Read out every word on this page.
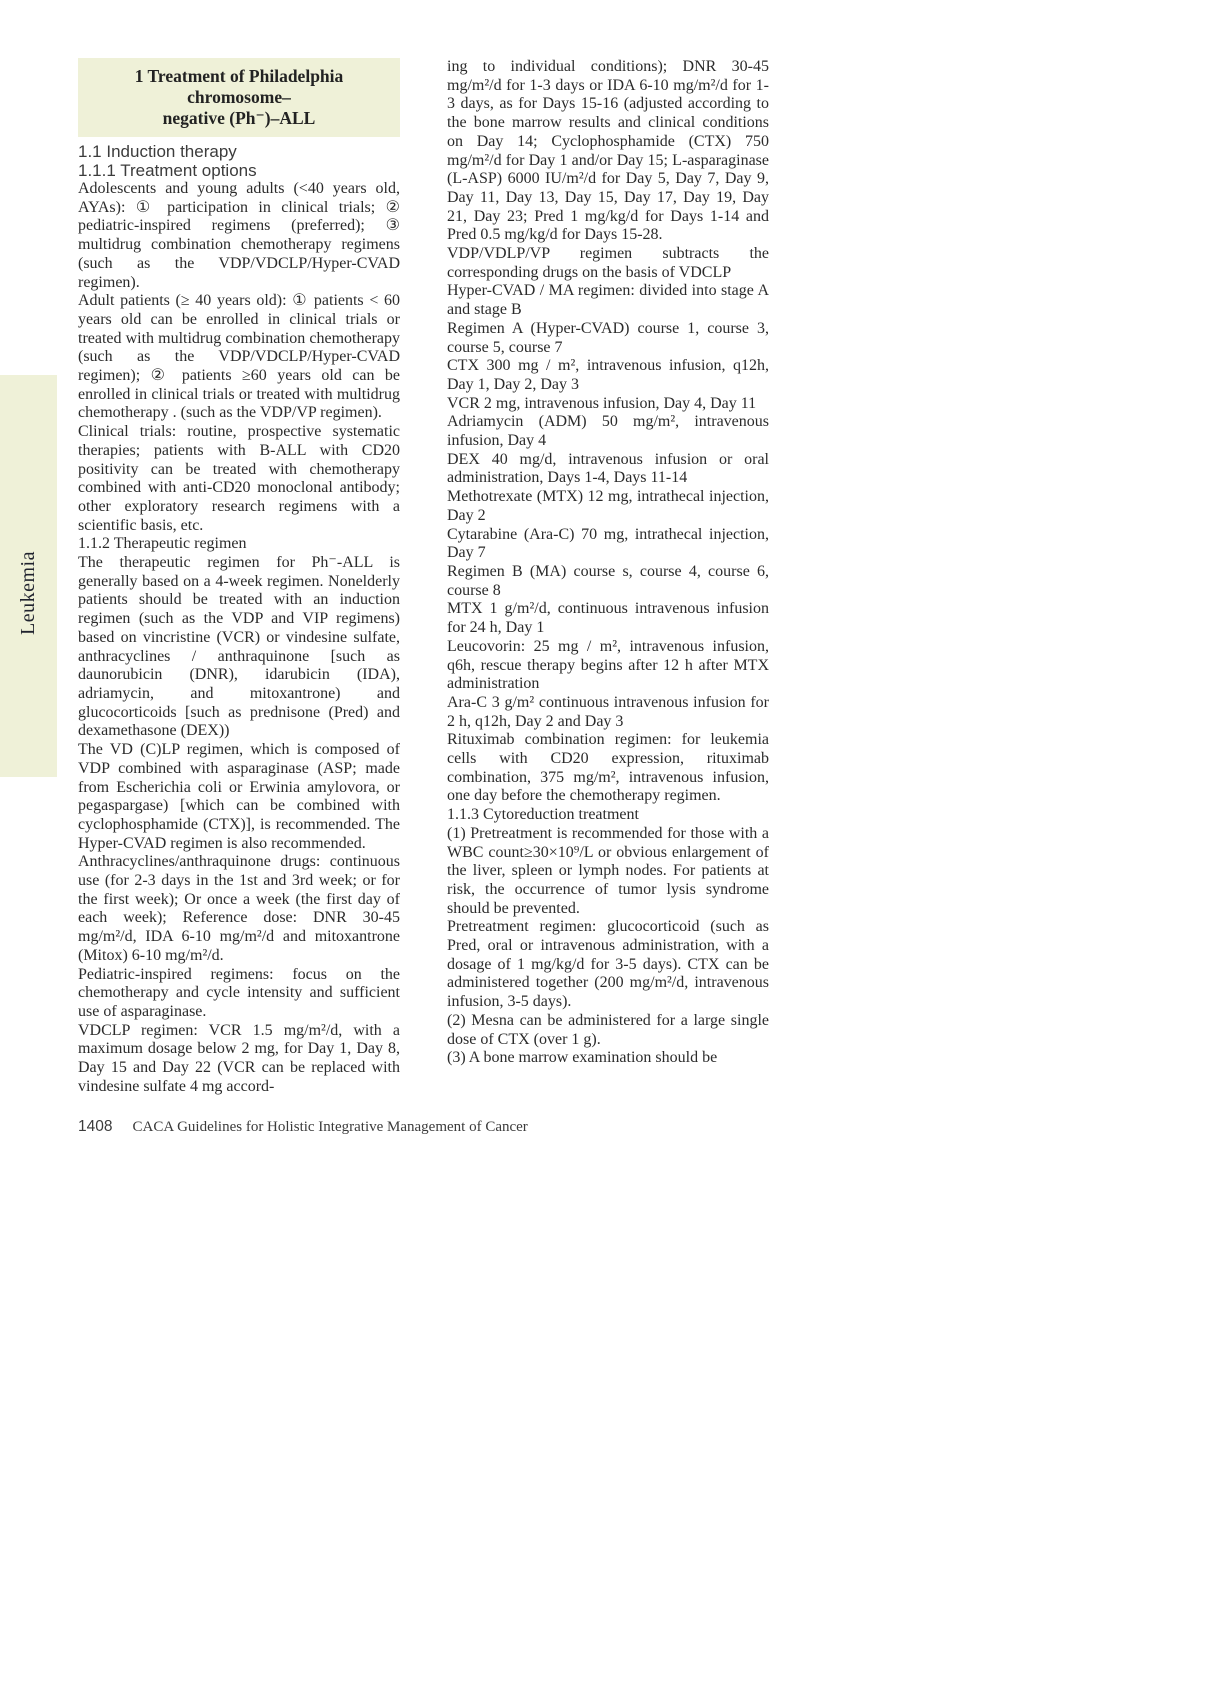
Leukemia
1 Treatment of Philadelphia chromosome–
negative (Ph⁻)–ALL

1.1 Induction therapy

1.1.1 Treatment options

Adolescents and young adults (<40 years old, AYAs): ① participation in clinical trials; ② pediatric-inspired regimens (preferred); ③ multidrug combination chemotherapy regimens (such as the VDP/VDCLP/Hyper-CVAD regimen).

Adult patients (≥ 40 years old): ① patients < 60 years old can be enrolled in clinical trials or treated with multidrug combination chemotherapy (such as the VDP/VDCLP/Hyper-CVAD regimen); ② patients ≥60 years old can be enrolled in clinical trials or treated with multidrug chemotherapy . (such as the VDP/VP regimen).

Clinical trials: routine, prospective systematic therapies; patients with B-ALL with CD20 positivity can be treated with chemotherapy combined with anti-CD20 monoclonal antibody; other exploratory research regimens with a scientific basis, etc.

1.1.2 Therapeutic regimen

The therapeutic regimen for Ph⁻-ALL is generally based on a 4-week regimen. Nonelderly patients should be treated with an induction regimen (such as the VDP and VIP regimens) based on vincristine (VCR) or vindesine sulfate, anthracyclines / anthraquinone [such as daunorubicin (DNR), idarubicin (IDA), adriamycin, and mitoxantrone) and glucocorticoids [such as prednisone (Pred) and dexamethasone (DEX))

The VD (C)LP regimen, which is composed of VDP combined with asparaginase (ASP; made from Escherichia coli or Erwinia amylovora, or pegaspargase) [which can be combined with cyclophosphamide (CTX)], is recommended. The Hyper-CVAD regimen is also recommended.

Anthracyclines/anthraquinone drugs: continuous use (for 2-3 days in the 1st and 3rd week; or for the first week); Or once a week (the first day of each week); Reference dose: DNR 30-45 mg/m²/d, IDA 6-10 mg/m²/d and mitoxantrone (Mitox) 6-10 mg/m²/d.

Pediatric-inspired regimens: focus on the chemotherapy and cycle intensity and sufficient use of asparaginase.

VDCLP regimen: VCR 1.5 mg/m²/d, with a maximum dosage below 2 mg, for Day 1, Day 8, Day 15 and Day 22 (VCR can be replaced with vindesine sulfate 4 mg accord-

ing to individual conditions); DNR 30-45 mg/m²/d for 1-3 days or IDA 6-10 mg/m²/d for 1-3 days, as for Days 15-16 (adjusted according to the bone marrow results and clinical conditions on Day 14; Cyclophosphamide (CTX) 750 mg/m²/d for Day 1 and/or Day 15; L-asparaginase (L-ASP) 6000 IU/m²/d for Day 5, Day 7, Day 9, Day 11, Day 13, Day 15, Day 17, Day 19, Day 21, Day 23; Pred 1 mg/kg/d for Days 1-14 and Pred 0.5 mg/kg/d for Days 15-28.

VDP/VDLP/VP regimen subtracts the corresponding drugs on the basis of VDCLP

Hyper-CVAD / MA regimen: divided into stage A and stage B

Regimen A (Hyper-CVAD) course 1, course 3, course 5, course 7

CTX 300 mg / m², intravenous infusion, q12h, Day 1, Day 2, Day 3

VCR 2 mg, intravenous infusion, Day 4, Day 11

Adriamycin (ADM) 50 mg/m², intravenous infusion, Day 4

DEX 40 mg/d, intravenous infusion or oral administration, Days 1-4, Days 11-14

Methotrexate (MTX) 12 mg, intrathecal injection, Day 2

Cytarabine (Ara-C) 70 mg, intrathecal injection, Day 7

Regimen B (MA) course s, course 4, course 6, course 8

MTX 1 g/m²/d, continuous intravenous infusion for 24 h, Day 1

Leucovorin: 25 mg / m², intravenous infusion, q6h, rescue therapy begins after 12 h after MTX administration

Ara-C 3 g/m² continuous intravenous infusion for 2 h, q12h, Day 2 and Day 3

Rituximab combination regimen: for leukemia cells with CD20 expression, rituximab combination, 375 mg/m², intravenous infusion, one day before the chemotherapy regimen.

1.1.3 Cytoreduction treatment

(1) Pretreatment is recommended for those with a WBC count≥30×10⁹/L or obvious enlargement of the liver, spleen or lymph nodes. For patients at risk, the occurrence of tumor lysis syndrome should be prevented.

Pretreatment regimen: glucocorticoid (such as Pred, oral or intravenous administration, with a dosage of 1 mg/kg/d for 3-5 days). CTX can be administered together (200 mg/m²/d, intravenous infusion, 3-5 days).

(2) Mesna can be administered for a large single dose of CTX (over 1 g).

(3) A bone marrow examination should be

1408 CACA Guidelines for Holistic Integrative Management of Cancer
